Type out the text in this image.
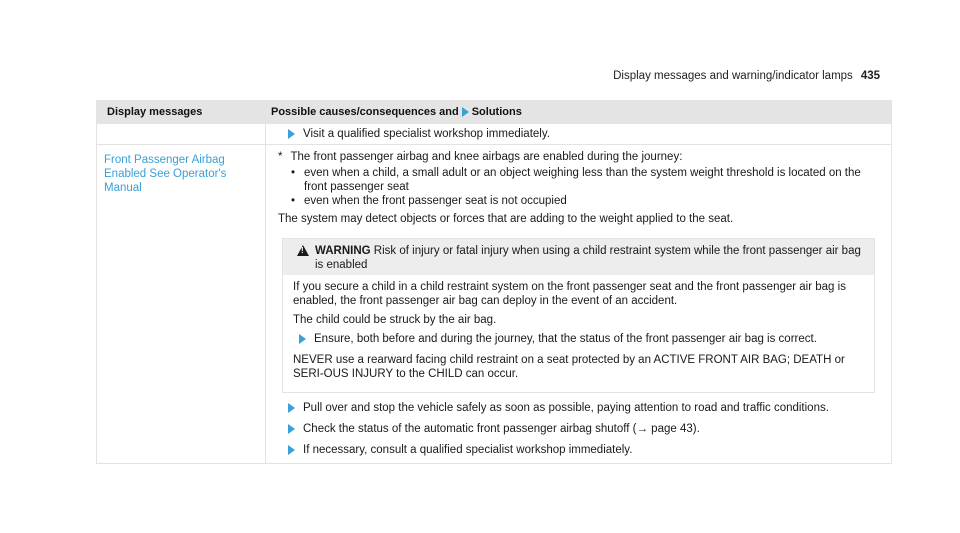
Display messages and warning/indicator lamps 435
Display messages	Possible causes/consequences and Solutions
Visit a qualified specialist workshop immediately.
Front Passenger Airbag Enabled See Operator's Manual
* The front passenger airbag and knee airbags are enabled during the journey:
• even when a child, a small adult or an object weighing less than the system weight threshold is located on the front passenger seat
• even when the front passenger seat is not occupied
The system may detect objects or forces that are adding to the weight applied to the seat.
!
WARNING Risk of injury or fatal injury when using a child restraint system while the front passenger air bag is enabled
If you secure a child in a child restraint system on the front passenger seat and the front passenger air bag is enabled, the front passenger air bag can deploy in the event of an accident.
The child could be struck by the air bag.
Ensure, both before and during the journey, that the status of the front passenger air bag is correct.
NEVER use a rearward facing child restraint on a seat protected by an ACTIVE FRONT AIR BAG; DEATH or SERI-OUS INJURY to the CHILD can occur.
Pull over and stop the vehicle safely as soon as possible, paying attention to road and traffic conditions.
Check the status of the automatic front passenger airbag shutoff (→ page 43).
If necessary, consult a qualified specialist workshop immediately.
